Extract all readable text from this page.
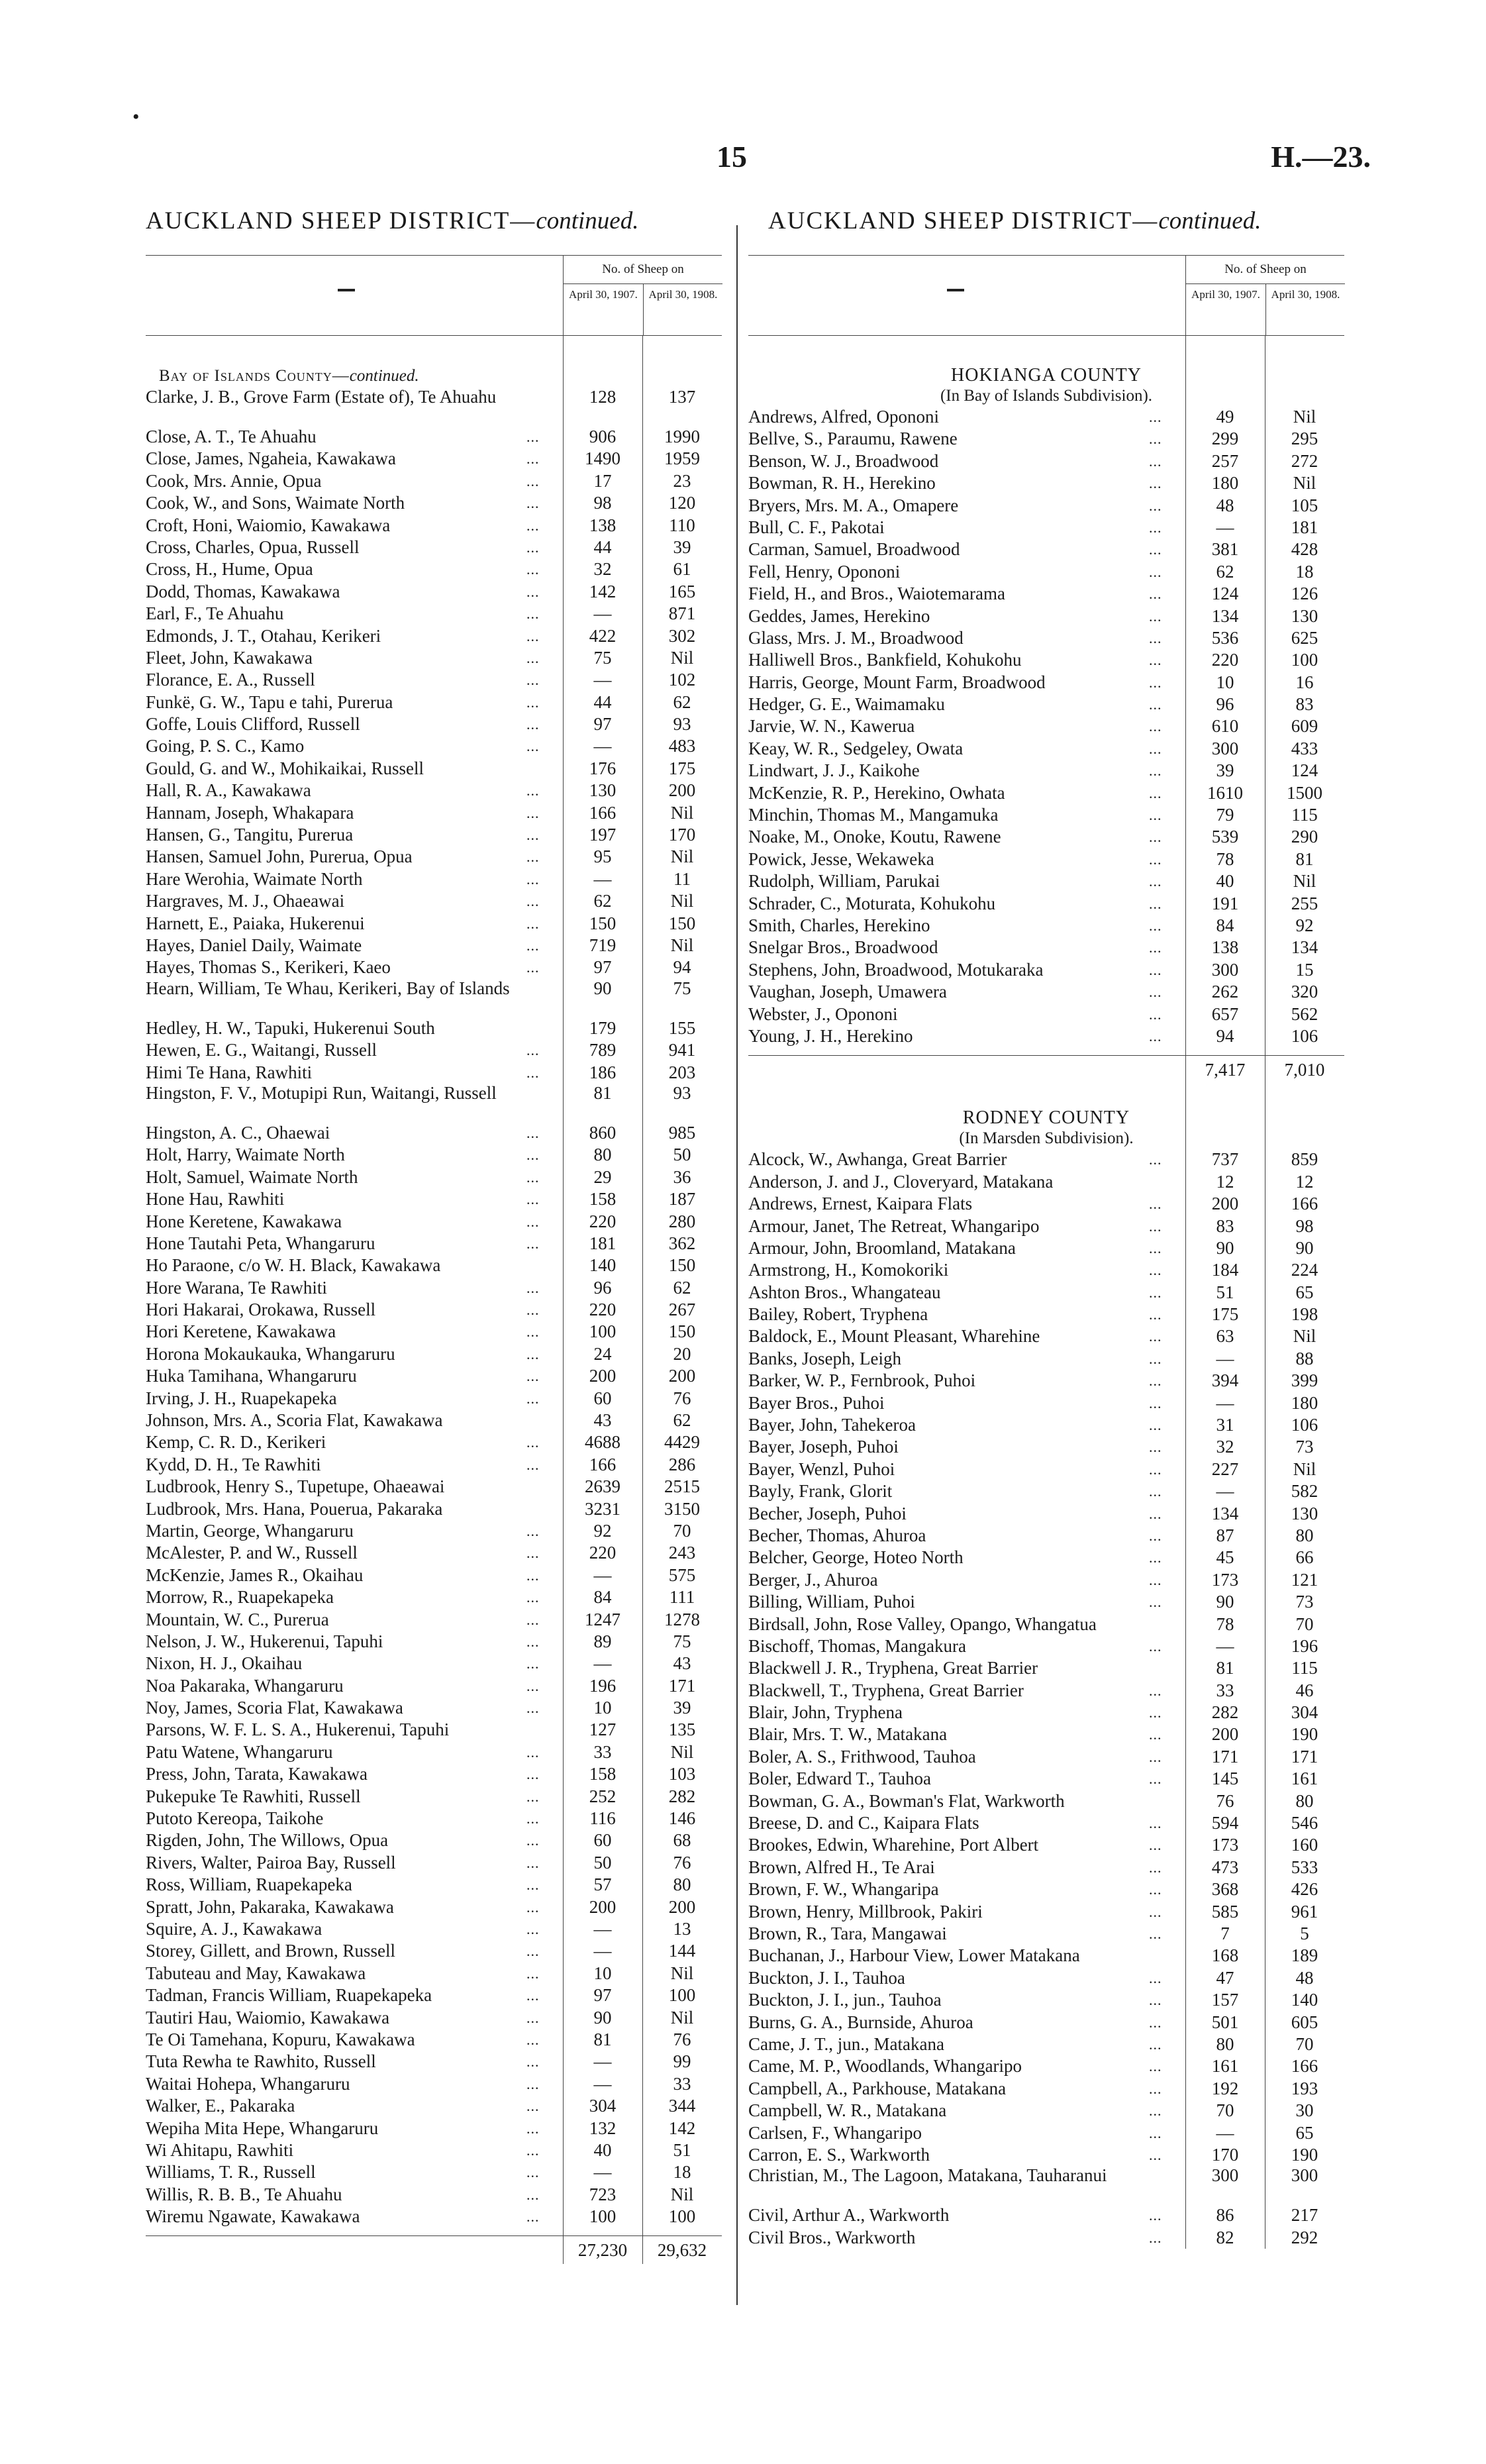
•
15	H.—23.
AUCKLAND SHEEP DISTRICT—continued.	AUCKLAND SHEEP DISTRICT—continued.
No. of Sheep on
April 30, 1907. April 30, 1908.
Bay of Islands County—continued.
Clarke, J. B., Grove Farm (Estate of), Te Ahuahu	128	137
Close, A. T., Te Ahuahu	...	906	1990
Close, James, Ngaheia, Kawakawa	...	1490	1959
Cook, Mrs. Annie, Opua	...	17	23
Cook, W., and Sons, Waimate North	...	98	120
Croft, Honi, Waiomio, Kawakawa	...	138	110
Cross, Charles, Opua, Russell	...	44	39
Cross, H., Hume, Opua	...	32	61
Dodd, Thomas, Kawakawa	...	142	165
Earl, F., Te Ahuahu	...	—	871
Edmonds, J. T., Otahau, Kerikeri	...	422	302
Fleet, John, Kawakawa	...	75	Nil
Florance, E. A., Russell	...	—	102
Funkë, G. W., Tapu e tahi, Purerua	...	44	62
Goffe, Louis Clifford, Russell	...	97	93
Going, P. S. C., Kamo	...	—	483
Gould, G. and W., Mohikaikai, Russell	176	175
Hall, R. A., Kawakawa	...	130	200
Hannam, Joseph, Whakapara	...	166	Nil
Hansen, G., Tangitu, Purerua	...	197	170
Hansen, Samuel John, Purerua, Opua	...	95	Nil
Hare Werohia, Waimate North	...	—	11
Hargraves, M. J., Ohaeawai	...	62	Nil
Harnett, E., Paiaka, Hukerenui	...	150	150
Hayes, Daniel Daily, Waimate	...	719	Nil
Hayes, Thomas S., Kerikeri, Kaeo	...	97	94
Hearn, William, Te Whau, Kerikeri, Bay of Islands	90	75
Hedley, H. W., Tapuki, Hukerenui South	179	155
Hewen, E. G., Waitangi, Russell	...	789	941
Himi Te Hana, Rawhiti	...	186	203
Hingston, F. V., Motupipi Run, Waitangi, Russell	81	93
Hingston, A. C., Ohaewai	...	860	985
Holt, Harry, Waimate North	...	80	50
Holt, Samuel, Waimate North	...	29	36
Hone Hau, Rawhiti	...	158	187
Hone Keretene, Kawakawa	...	220	280
Hone Tautahi Peta, Whangaruru	...	181	362
Ho Paraone, c/o W. H. Black, Kawakawa	140	150
Hore Warana, Te Rawhiti	...	96	62
Hori Hakarai, Orokawa, Russell	...	220	267
Hori Keretene, Kawakawa	...	100	150
Horona Mokaukauka, Whangaruru	...	24	20
Huka Tamihana, Whangaruru	...	200	200
Irving, J. H., Ruapekapeka	...	60	76
Johnson, Mrs. A., Scoria Flat, Kawakawa	43	62
Kemp, C. R. D., Kerikeri	...	4688	4429
Kydd, D. H., Te Rawhiti	...	166	286
Ludbrook, Henry S., Tupetupe, Ohaeawai	2639	2515
Ludbrook, Mrs. Hana, Pouerua, Pakaraka	3231	3150
Martin, George, Whangaruru	...	92	70
McAlester, P. and W., Russell	...	220	243
McKenzie, James R., Okaihau	...	—	575
Morrow, R., Ruapekapeka	...	84	111
Mountain, W. C., Purerua	...	1247	1278
Nelson, J. W., Hukerenui, Tapuhi	...	89	75
Nixon, H. J., Okaihau	...	—	43
Noa Pakaraka, Whangaruru	...	196	171
Noy, James, Scoria Flat, Kawakawa	...	10	39
Parsons, W. F. L. S. A., Hukerenui, Tapuhi	127	135
Patu Watene, Whangaruru	...	33	Nil
Press, John, Tarata, Kawakawa	...	158	103
Pukepuke Te Rawhiti, Russell	...	252	282
Putoto Kereopa, Taikohe	...	116	146
Rigden, John, The Willows, Opua	...	60	68
Rivers, Walter, Pairoa Bay, Russell	...	50	76
Ross, William, Ruapekapeka	...	57	80
Spratt, John, Pakaraka, Kawakawa	...	200	200
Squire, A. J., Kawakawa	...	—	13
Storey, Gillett, and Brown, Russell	...	—	144
Tabuteau and May, Kawakawa	...	10	Nil
Tadman, Francis William, Ruapekapeka	...	97	100
Tautiri Hau, Waiomio, Kawakawa	...	90	Nil
Te Oi Tamehana, Kopuru, Kawakawa	...	81	76
Tuta Rewha te Rawhito, Russell	...	—	99
Waitai Hohepa, Whangaruru	...	—	33
Walker, E., Pakaraka	...	304	344
Wepiha Mita Hepe, Whangaruru	...	132	142
Wi Ahitapu, Rawhiti	...	40	51
Williams, T. R., Russell	...	—	18
Willis, R. B. B., Te Ahuahu	...	723	Nil
Wiremu Ngawate, Kawakawa	...	100	100
27,230	29,632
No. of Sheep on
April 30, 1907. April 30, 1908.
HOKIANGA COUNTY
(In Bay of Islands Subdivision).
Andrews, Alfred, Opononi	...	49	Nil
Bellve, S., Paraumu, Rawene	...	299	295
Benson, W. J., Broadwood	...	257	272
Bowman, R. H., Herekino	...	180	Nil
Bryers, Mrs. M. A., Omapere	...	48	105
Bull, C. F., Pakotai	...	—	181
Carman, Samuel, Broadwood	...	381	428
Fell, Henry, Opononi	...	62	18
Field, H., and Bros., Waiotemarama	...	124	126
Geddes, James, Herekino	...	134	130
Glass, Mrs. J. M., Broadwood	...	536	625
Halliwell Bros., Bankfield, Kohukohu	...	220	100
Harris, George, Mount Farm, Broadwood	...	10	16
Hedger, G. E., Waimamaku	...	96	83
Jarvie, W. N., Kawerua	...	610	609
Keay, W. R., Sedgeley, Owata	...	300	433
Lindwart, J. J., Kaikohe	...	39	124
McKenzie, R. P., Herekino, Owhata	...	1610	1500
Minchin, Thomas M., Mangamuka	...	79	115
Noake, M., Onoke, Koutu, Rawene	...	539	290
Powick, Jesse, Wekaweka	...	78	81
Rudolph, William, Parukai	...	40	Nil
Schrader, C., Moturata, Kohukohu	...	191	255
Smith, Charles, Herekino	...	84	92
Snelgar Bros., Broadwood	...	138	134
Stephens, John, Broadwood, Motukaraka	...	300	15
Vaughan, Joseph, Umawera	...	262	320
Webster, J., Opononi	...	657	562
Young, J. H., Herekino	...	94	106
7,417	7,010
RODNEY COUNTY
(In Marsden Subdivision).
Alcock, W., Awhanga, Great Barrier	...	737	859
Anderson, J. and J., Cloveryard, Matakana	12	12
Andrews, Ernest, Kaipara Flats	...	200	166
Armour, Janet, The Retreat, Whangaripo	...	83	98
Armour, John, Broomland, Matakana	...	90	90
Armstrong, H., Komokoriki	...	184	224
Ashton Bros., Whangateau	...	51	65
Bailey, Robert, Tryphena	...	175	198
Baldock, E., Mount Pleasant, Wharehine	...	63	Nil
Banks, Joseph, Leigh	...	—	88
Barker, W. P., Fernbrook, Puhoi	...	394	399
Bayer Bros., Puhoi	...	—	180
Bayer, John, Tahekeroa	...	31	106
Bayer, Joseph, Puhoi	...	32	73
Bayer, Wenzl, Puhoi	...	227	Nil
Bayly, Frank, Glorit	...	—	582
Becher, Joseph, Puhoi	...	134	130
Becher, Thomas, Ahuroa	...	87	80
Belcher, George, Hoteo North	...	45	66
Berger, J., Ahuroa	...	173	121
Billing, William, Puhoi	...	90	73
Birdsall, John, Rose Valley, Opango, Whangatua	78	70
Bischoff, Thomas, Mangakura	...	—	196
Blackwell J. R., Tryphena, Great Barrier	81	115
Blackwell, T., Tryphena, Great Barrier	...	33	46
Blair, John, Tryphena	...	282	304
Blair, Mrs. T. W., Matakana	...	200	190
Boler, A. S., Frithwood, Tauhoa	...	171	171
Boler, Edward T., Tauhoa	...	145	161
Bowman, G. A., Bowman's Flat, Warkworth	76	80
Breese, D. and C., Kaipara Flats	...	594	546
Brookes, Edwin, Wharehine, Port Albert	...	173	160
Brown, Alfred H., Te Arai	...	473	533
Brown, F. W., Whangaripa	...	368	426
Brown, Henry, Millbrook, Pakiri	...	585	961
Brown, R., Tara, Mangawai	...	7	5
Buchanan, J., Harbour View, Lower Matakana	168	189
Buckton, J. I., Tauhoa	...	47	48
Buckton, J. I., jun., Tauhoa	...	157	140
Burns, G. A., Burnside, Ahuroa	...	501	605
Came, J. T., jun., Matakana	...	80	70
Came, M. P., Woodlands, Whangaripo	...	161	166
Campbell, A., Parkhouse, Matakana	...	192	193
Campbell, W. R., Matakana	...	70	30
Carlsen, F., Whangaripo	...	—	65
Carron, E. S., Warkworth	...	170	190
Christian, M., The Lagoon, Matakana, Tauharanui	300	300
Civil, Arthur A., Warkworth	...	86	217
Civil Bros., Warkworth	...	82	292
